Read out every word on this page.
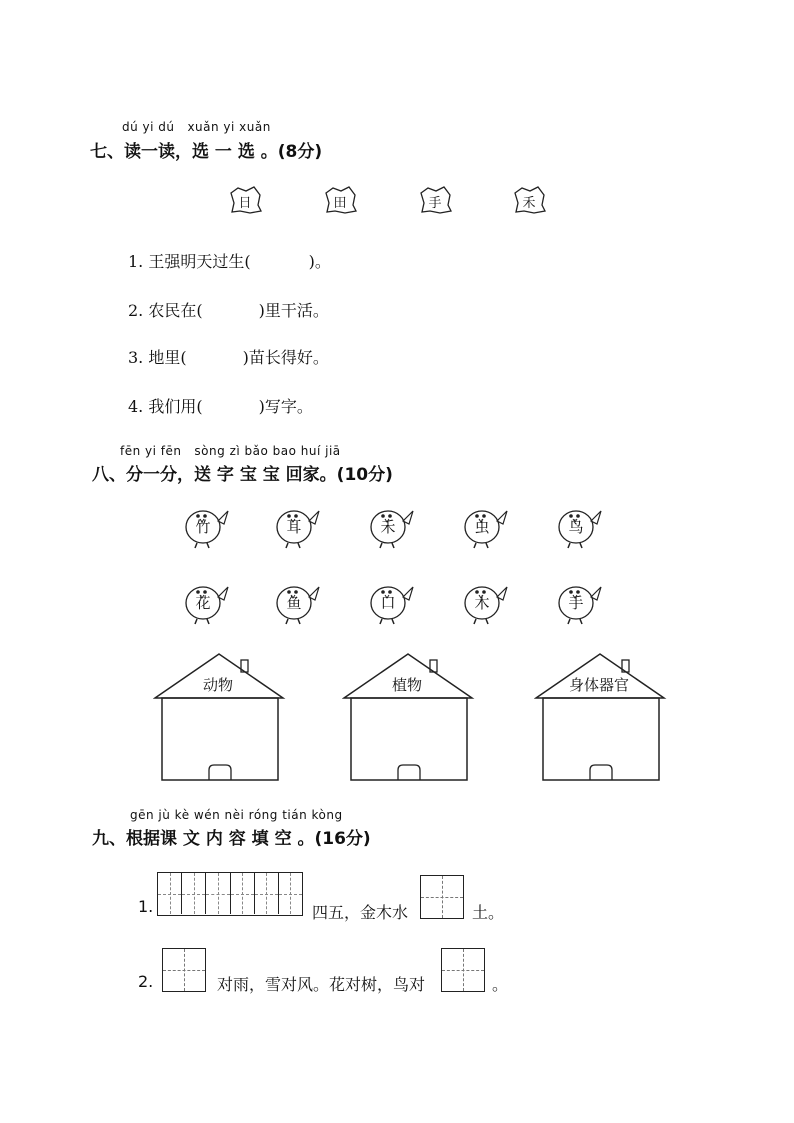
dú yi dú   xuǎn yi xuǎn
七、读一读，选 一 选 。(8分)
日	田	手	禾
1. 王强明天过生(	)。
2. 农民在(	)里干活。
3. 地里(	)苗长得好。
4. 我们用(	)写字。
fēn yi fēn   sòng zì bǎo bao huí jiā
八、分一分，送 字 宝 宝 回家。(10分)
竹	耳	禾	虫	鸟
花	鱼	口	木	手
动物	植物	身体器官
gēn jù kè wén nèi róng tián kòng
九、根据课 文 内 容 填 空 。(16分)
1.	四五，金木水	土。
2.	对雨，雪对风。花对树，鸟对	。
